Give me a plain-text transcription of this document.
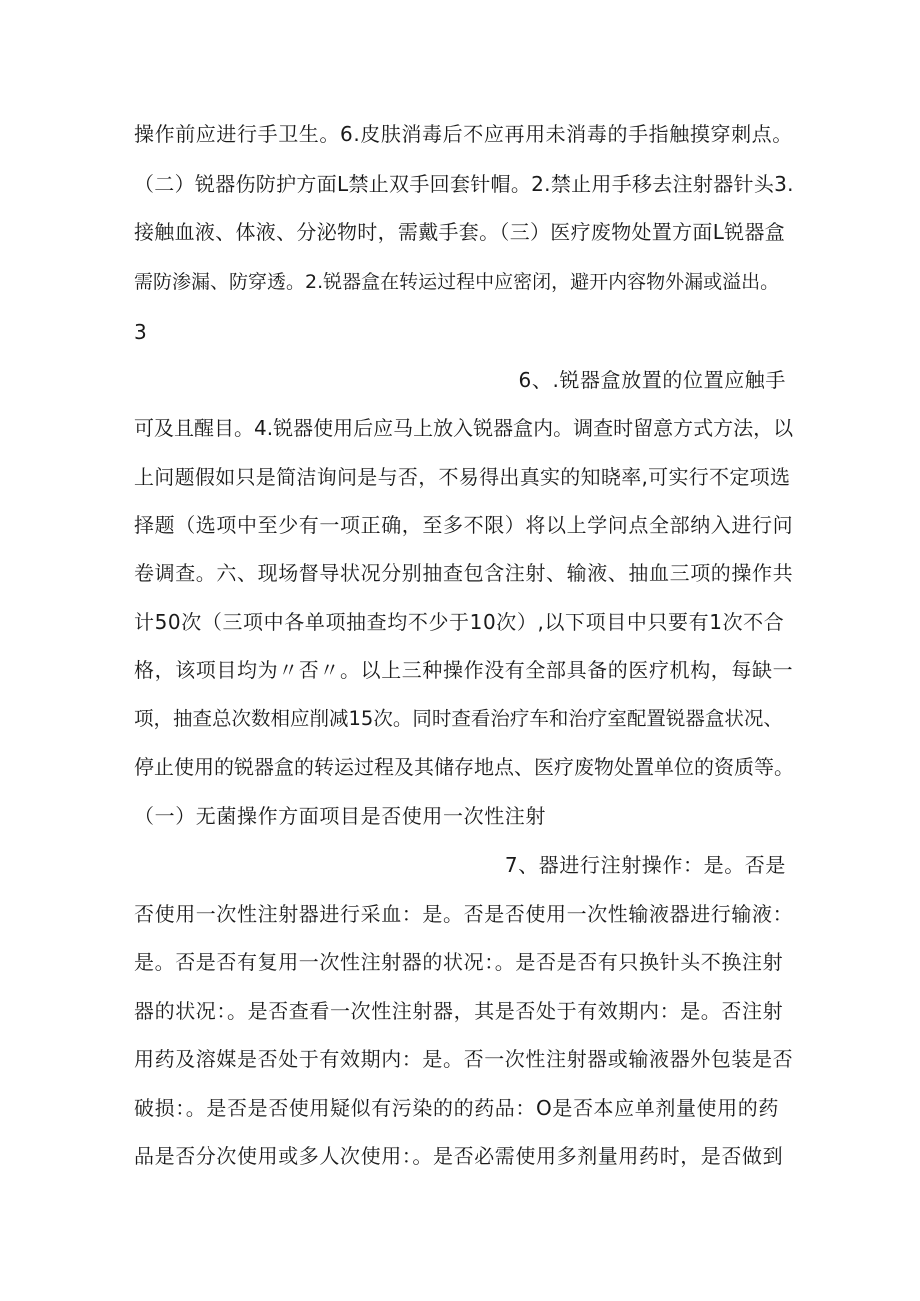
操作前应进行手卫生。6.皮肤消毒后不应再用未消毒的手指触摸穿刺点。

（二）锐器伤防护方面L禁止双手回套针帽。2.禁止用手移去注射器针头3.

接触血液、体液、分泌物时，需戴手套。（三）医疗废物处置方面L锐器盒

需防渗漏、防穿透。2.锐器盒在转运过程中应密闭，避开内容物外漏或溢出。

3

6、.锐器盒放置的位置应触手

可及且醒目。4.锐器使用后应马上放入锐器盒内。调查时留意方式方法，以

上问题假如只是简洁询问是与否，不易得出真实的知晓率,可实行不定项选

择题（选项中至少有一项正确，至多不限）将以上学问点全部纳入进行问

卷调查。六、现场督导状况分别抽查包含注射、输液、抽血三项的操作共

计50次（三项中各单项抽查均不少于10次）,以下项目中只要有1次不合

格，该项目均为〃否〃。以上三种操作没有全部具备的医疗机构，每缺一

项，抽查总次数相应削减15次。同时查看治疗车和治疗室配置锐器盒状况、

停止使用的锐器盒的转运过程及其储存地点、医疗废物处置单位的资质等。

（一）无菌操作方面项目是否使用一次性注射

7、器进行注射操作：是。否是

否使用一次性注射器进行采血：是。否是否使用一次性输液器进行输液：

是。否是否有复用一次性注射器的状况：。是否是否有只换针头不换注射

器的状况：。是否查看一次性注射器，其是否处于有效期内：是。否注射

用药及溶媒是否处于有效期内：是。否一次性注射器或输液器外包装是否

破损：。是否是否使用疑似有污染的的药品：O是否本应单剂量使用的药

品是否分次使用或多人次使用：。是否必需使用多剂量用药时，是否做到
